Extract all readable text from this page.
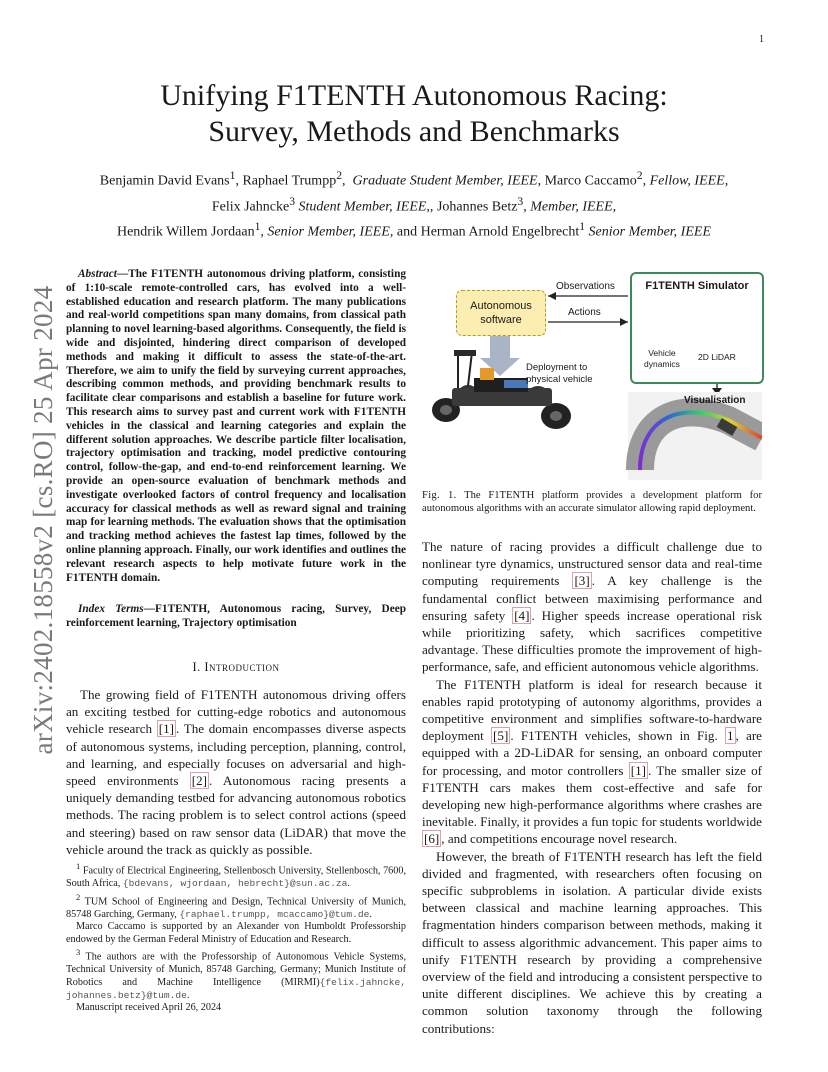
1
arXiv:2402.18558v2 [cs.RO] 25 Apr 2024
Unifying F1TENTH Autonomous Racing:
Survey, Methods and Benchmarks
Benjamin David Evans$^1$, Raphael Trumpp$^2$,  Graduate Student Member, IEEE, Marco Caccamo$^2$, Fellow, IEEE,
Felix Jahncke$^3$ Student Member, IEEE,, Johannes Betz$^3$, Member, IEEE,
Hendrik Willem Jordaan$^1$, Senior Member, IEEE, and Herman Arnold Engelbrecht$^1$ Senior Member, IEEE
Abstract—The F1TENTH autonomous driving platform, consisting of 1:10-scale remote-controlled cars, has evolved into a well-established education and research platform. The many publications and real-world competitions span many domains, from classical path planning to novel learning-based algorithms. Consequently, the field is wide and disjointed, hindering direct comparison of developed methods and making it difficult to assess the state-of-the-art. Therefore, we aim to unify the field by surveying current approaches, describing common methods, and providing benchmark results to facilitate clear comparisons and establish a baseline for future work. This research aims to survey past and current work with F1TENTH vehicles in the classical and learning categories and explain the different solution approaches. We describe particle filter localisation, trajectory optimisation and tracking, model predictive contouring control, follow-the-gap, and end-to-end reinforcement learning. We provide an open-source evaluation of benchmark methods and investigate overlooked factors of control frequency and localisation accuracy for classical methods as well as reward signal and training map for learning methods. The evaluation shows that the optimisation and tracking method achieves the fastest lap times, followed by the online planning approach. Finally, our work identifies and outlines the relevant research aspects to help motivate future work in the F1TENTH domain.
Index Terms—F1TENTH, Autonomous racing, Survey, Deep reinforcement learning, Trajectory optimisation
I. Introduction

The growing field of F1TENTH autonomous driving offers an exciting testbed for cutting-edge robotics and autonomous vehicle research [1] . The domain encompasses diverse aspects of autonomous systems, including perception, planning, control, and learning, and especially focuses on adversarial and high-speed environments [2] . Autonomous racing presents a uniquely demanding testbed for advancing autonomous robotics methods. The racing problem is to select control actions (speed and steering) based on raw sensor data (LiDAR) that move the vehicle around the track as quickly as possible.

$^1$ Faculty of Electrical Engineering, Stellenbosch University, Stellenbosch, 7600, South Africa, {bdevans, wjordaan, hebrecht}@sun.ac.za.

$^2$ TUM School of Engineering and Design, Technical University of Munich, 85748 Garching, Germany, {raphael.trumpp, mcaccamo}@tum.de.

Marco Caccamo is supported by an Alexander von Humboldt Professorship endowed by the German Federal Ministry of Education and Research.

$^3$ The authors are with the Professorship of Autonomous Vehicle Systems, Technical University of Munich, 85748 Garching, Germany; Munich Institute of Robotics and Machine Intelligence (MIRMI){felix.jahncke, johannes.betz}@tum.de.

Manuscript received April 26, 2024

Autonomous
software
Observations
Actions
F1TENTH Simulator
Vehicle
dynamics
2D LiDAR
Deployment to
physical vehicle
Visualisation
Fig. 1. The F1TENTH platform provides a development platform for autonomous algorithms with an accurate simulator allowing rapid deployment.

The nature of racing provides a difficult challenge due to nonlinear tyre dynamics, unstructured sensor data and real-time computing requirements [3] . A key challenge is the fundamental conflict between maximising performance and ensuring safety [4] . Higher speeds increase operational risk while prioritizing safety, which sacrifices competitive advantage. These difficulties promote the improvement of high-performance, safe, and efficient autonomous vehicle algorithms.

The F1TENTH platform is ideal for research because it enables rapid prototyping of autonomy algorithms, provides a competitive environment and simplifies software-to-hardware deployment [5] . F1TENTH vehicles, shown in Fig. 1 , are equipped with a 2D-LiDAR for sensing, an onboard computer for processing, and motor controllers [1] . The smaller size of F1TENTH cars makes them cost-effective and safe for developing new high-performance algorithms where crashes are inevitable. Finally, it provides a fun topic for students worldwide [6] , and competitions encourage novel research.

However, the breath of F1TENTH research has left the field divided and fragmented, with researchers often focusing on specific subproblems in isolation. A particular divide exists between classical and machine learning approaches. This fragmentation hinders comparison between methods, making it difficult to assess algorithmic advancement. This paper aims to unify F1TENTH research by providing a comprehensive overview of the field and introducing a consistent perspective to unite different disciplines. We achieve this by creating a common solution taxonomy through the following contributions:
